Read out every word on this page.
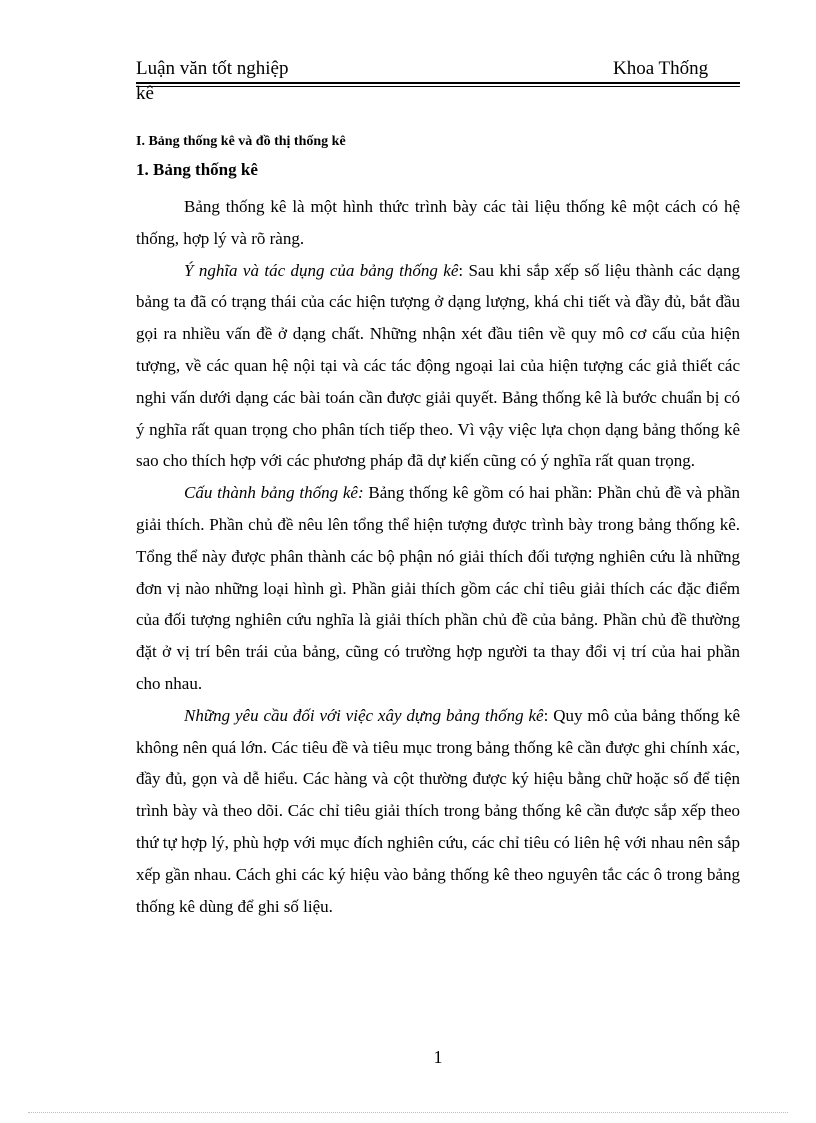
Luận văn tốt nghiệp	Khoa Thống
kê
I. Bảng thống kê và đồ thị thống kê
1. Bảng thống kê

Bảng thống kê là một hình thức trình bày các tài liệu thống kê một cách có hệ thống, hợp lý và rõ ràng.

Ý nghĩa và tác dụng của bảng thống kê: Sau khi sắp xếp số liệu thành các dạng bảng ta đã có trạng thái của các hiện tượng ở dạng lượng, khá chi tiết và đầy đủ, bắt đầu gọi ra nhiều vấn đề ở dạng chất. Những nhận xét đầu tiên về quy mô cơ cấu của hiện tượng, về các quan hệ nội tại và các tác động ngoại lai của hiện tượng các giả thiết các nghi vấn dưới dạng các bài toán cần được giải quyết. Bảng thống kê là bước chuẩn bị có ý nghĩa rất quan trọng cho phân tích tiếp theo. Vì vậy việc lựa chọn dạng bảng thống kê sao cho thích hợp với các phương pháp đã dự kiến cũng có ý nghĩa rất quan trọng.

Cấu thành bảng thống kê: Bảng thống kê gồm có hai phần: Phần chủ đề và phần giải thích. Phần chủ đề nêu lên tổng thể hiện tượng được trình bày trong bảng thống kê. Tổng thể này được phân thành các bộ phận nó giải thích đối tượng nghiên cứu là những đơn vị nào những loại hình gì. Phần giải thích gồm các chỉ tiêu giải thích các đặc điểm của đối tượng nghiên cứu nghĩa là giải thích phần chủ đề của bảng. Phần chủ đề thường đặt ở vị trí bên trái của bảng, cũng có trường hợp người ta thay đổi vị trí của hai phần cho nhau.

Những yêu cầu đối với việc xây dựng bảng thống kê: Quy mô của bảng thống kê không nên quá lớn. Các tiêu đề và tiêu mục trong bảng thống kê cần được ghi chính xác, đầy đủ, gọn và dễ hiểu. Các hàng và cột thường được ký hiệu bằng chữ hoặc số để tiện trình bày và theo dõi. Các chỉ tiêu giải thích trong bảng thống kê cần được sắp xếp theo thứ tự hợp lý, phù hợp với mục đích nghiên cứu, các chỉ tiêu có liên hệ với nhau nên sắp xếp gần nhau. Cách ghi các ký hiệu vào bảng thống kê theo nguyên tắc các ô trong bảng thống kê dùng để ghi số liệu.

1
